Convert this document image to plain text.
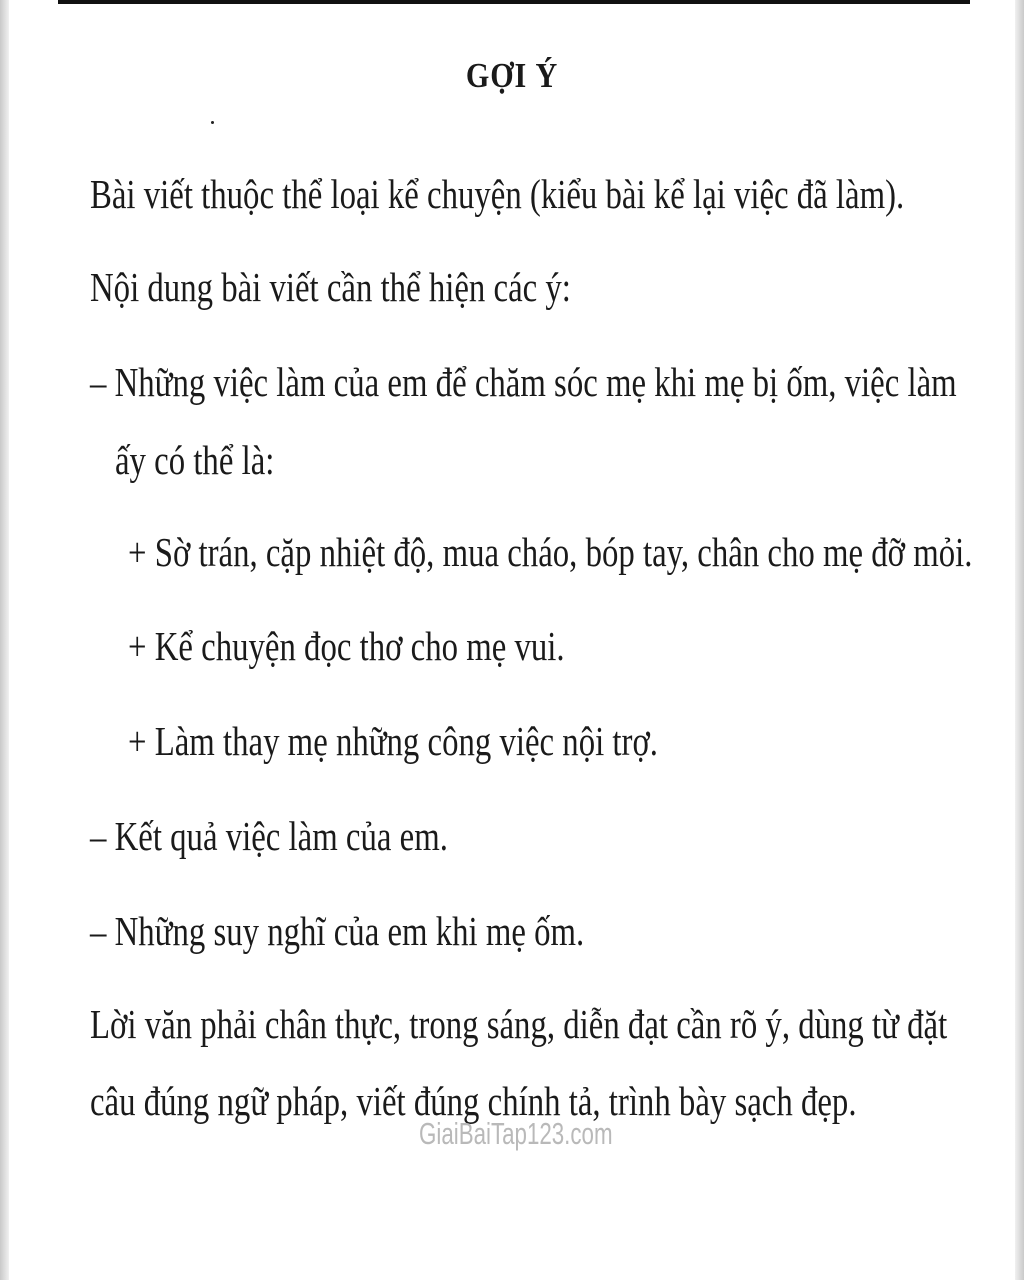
GỢI Ý
Bài viết thuộc thể loại kể chuyện (kiểu bài kể lại việc đã làm).
Nội dung bài viết cần thể hiện các ý:
– Những việc làm của em để chăm sóc mẹ khi mẹ bị ốm, việc làm
ấy có thể là:
+ Sờ trán, cặp nhiệt độ, mua cháo, bóp tay, chân cho mẹ đỡ mỏi.
+ Kể chuyện đọc thơ cho mẹ vui.
+ Làm thay mẹ những công việc nội trợ.
– Kết quả việc làm của em.
– Những suy nghĩ của em khi mẹ ốm.
Lời văn phải chân thực, trong sáng, diễn đạt cần rõ ý, dùng từ đặt
câu đúng ngữ pháp, viết đúng chính tả, trình bày sạch đẹp.
GiaiBaiTap123.com
